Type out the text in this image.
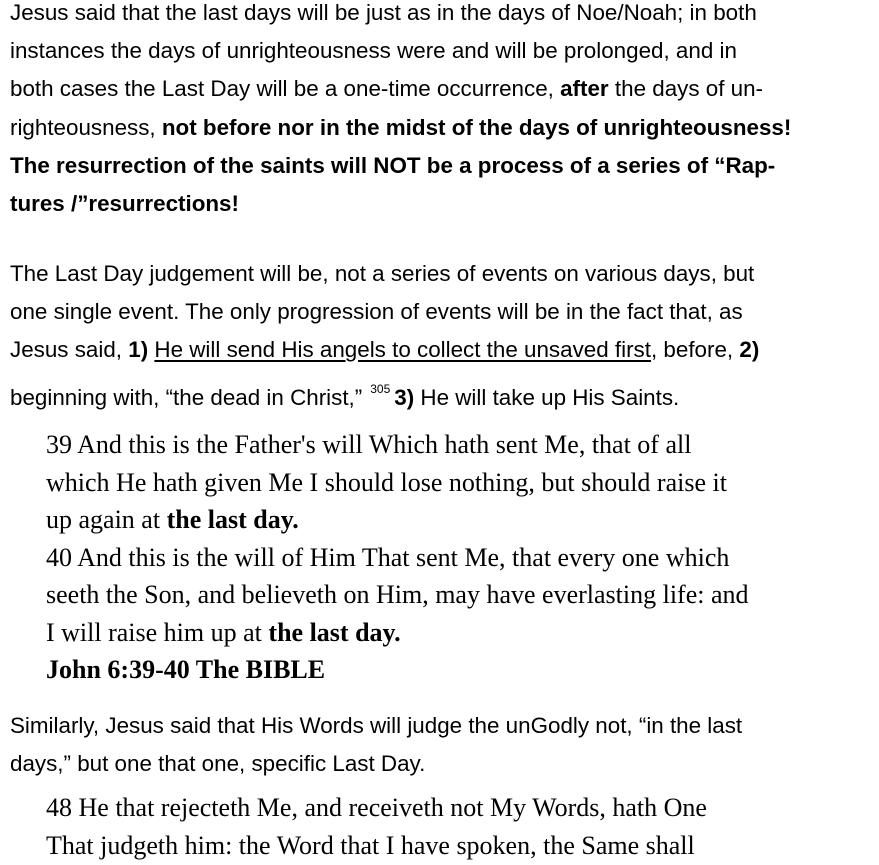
Jesus said that the last days will be just as in the days of Noe/Noah; in both
instances the days of unrighteousness were and will be prolonged, and in
both cases the Last Day will be a one-time occurrence, after the days of un-
righteousness, not before nor in the midst of the days of unrighteousness!
The resurrection of the saints will NOT be a process of a series of “Rap-
tures /”resurrections!
The Last Day judgement will be, not a series of events on various days, but
one single event. The only progression of events will be in the fact that, as
Jesus said, 1) He will send His angels to collect the unsaved first, before, 2)
beginning with, “the dead in Christ,” $^{305}$ 3) He will take up His Saints.
39 And this is the Father's will Which hath sent Me, that of all
which He hath given Me I should lose nothing, but should raise it
up again at the last day.
40 And this is the will of Him That sent Me, that every one which
seeth the Son, and believeth on Him, may have everlasting life: and
I will raise him up at the last day.
John 6:39-40 The BIBLE
Similarly, Jesus said that His Words will judge the unGodly not, “in the last
days,” but one that one, specific Last Day.
48 He that rejecteth Me, and receiveth not My Words, hath One
That judgeth him: the Word that I have spoken, the Same shall
